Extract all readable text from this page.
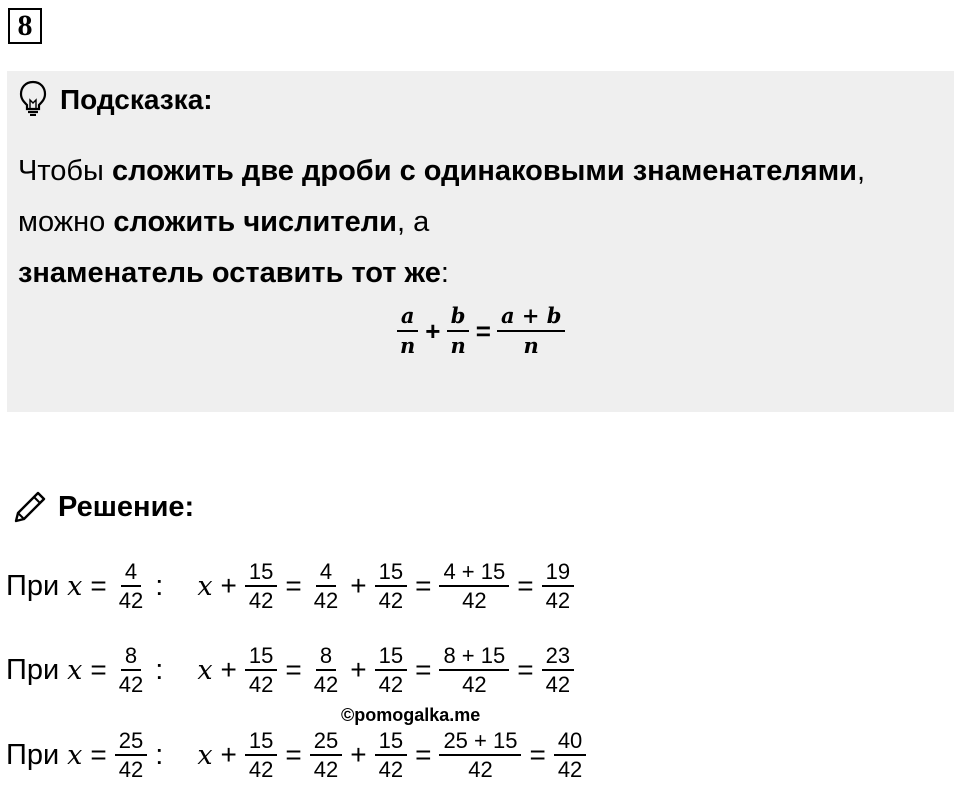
8
Подсказка:
Чтобы сложить две дроби с одинаковыми знаменателями, можно сложить числители, а
знаменатель оставить тот же:
$\frac{a}{n} + \frac{b}{n} = \frac{a + b}{n}$
Решение:
При $x = \frac{4}{42}$ : $x + \frac{15}{42} = \frac{4}{42} + \frac{15}{42} = \frac{4 + 15}{42} = \frac{19}{42}$
При $x = \frac{8}{42}$ : $x + \frac{15}{42} = \frac{8}{42} + \frac{15}{42} = \frac{8 + 15}{42} = \frac{23}{42}$
©pomogalka.me
При $x = \frac{25}{42}$ : $x + \frac{15}{42} = \frac{25}{42} + \frac{15}{42} = \frac{25 + 15}{42} = \frac{40}{42}$
